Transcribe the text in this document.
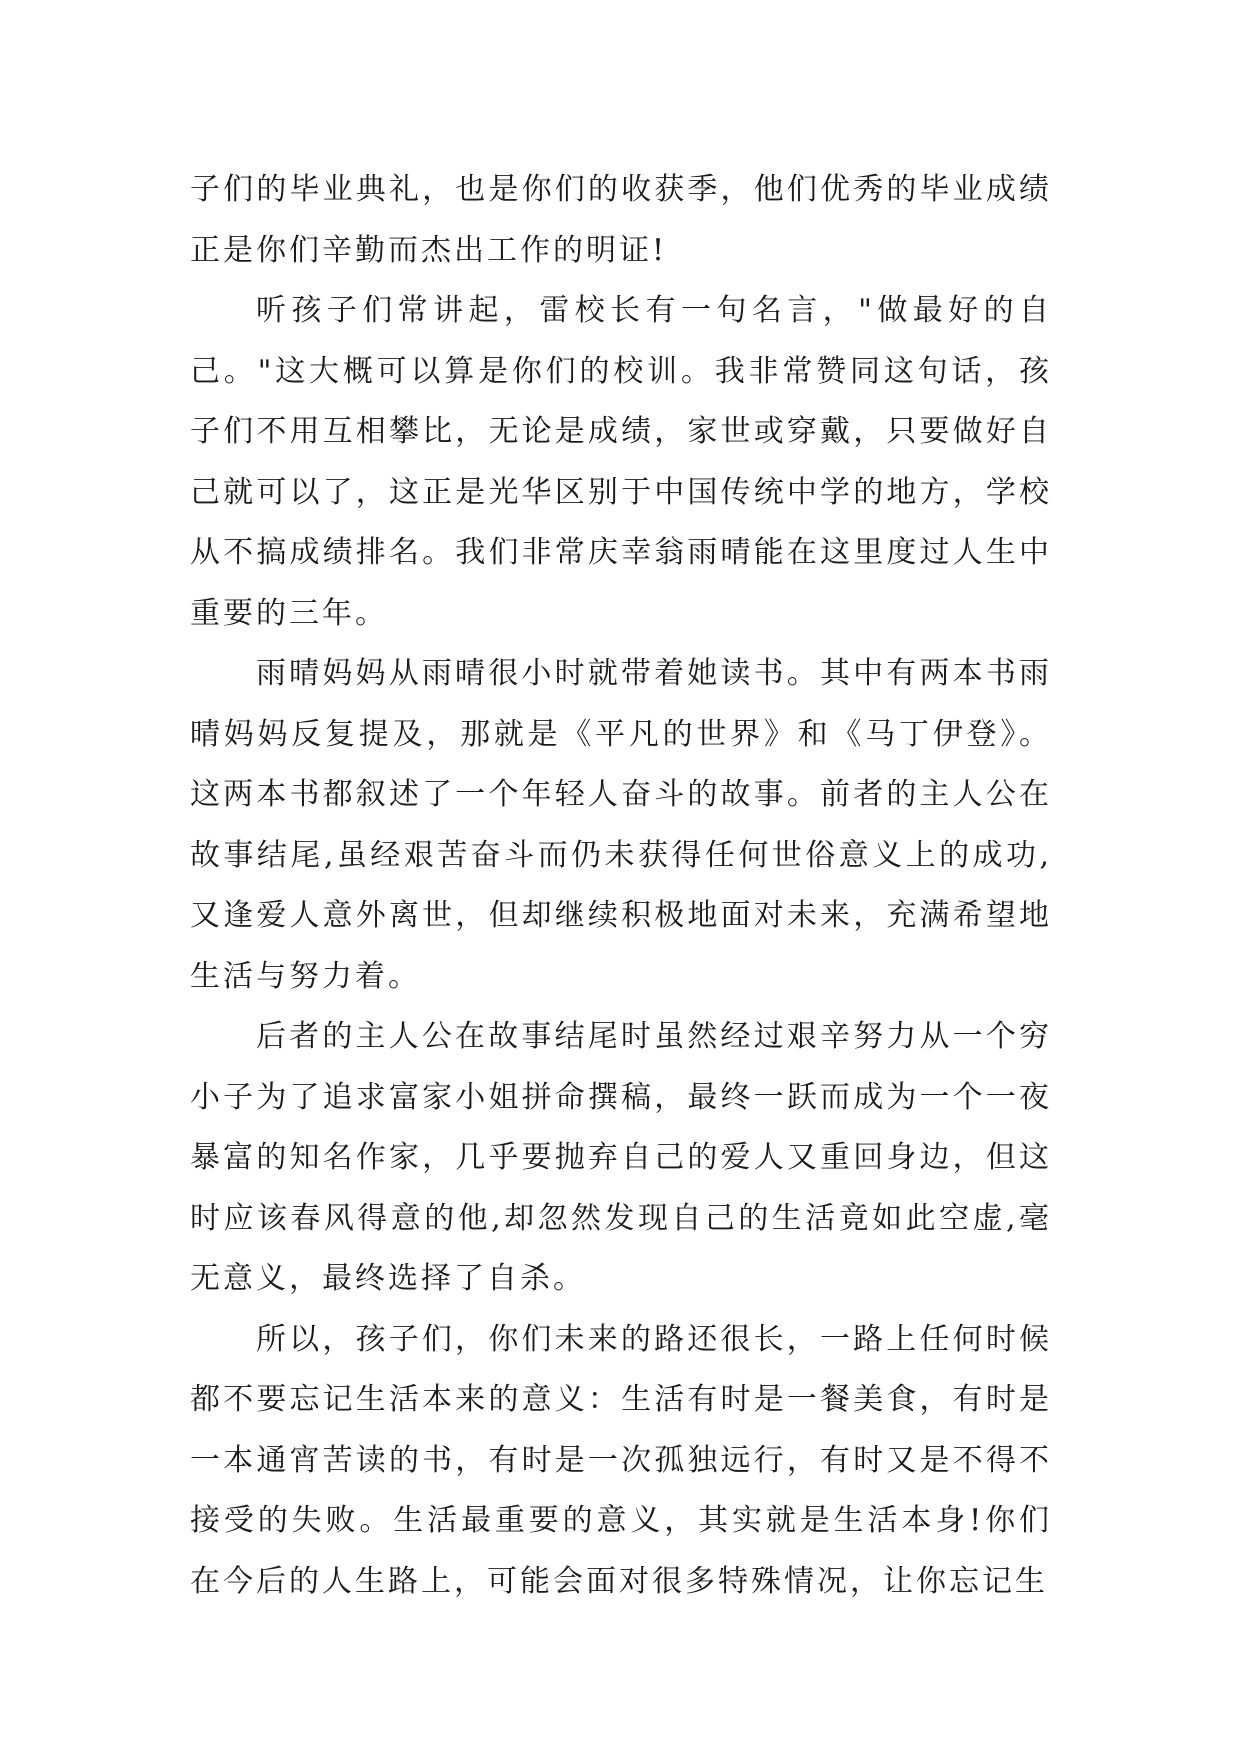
子们的毕业典礼，也是你们的收获季，他们优秀的毕业成绩正是你们辛勤而杰出工作的明证!

听孩子们常讲起，雷校长有一句名言，"做最好的自己。"这大概可以算是你们的校训。我非常赞同这句话，孩子们不用互相攀比，无论是成绩，家世或穿戴，只要做好自己就可以了，这正是光华区别于中国传统中学的地方，学校从不搞成绩排名。我们非常庆幸翁雨晴能在这里度过人生中重要的三年。

雨晴妈妈从雨晴很小时就带着她读书。其中有两本书雨晴妈妈反复提及，那就是《平凡的世界》和《马丁伊登》。这两本书都叙述了一个年轻人奋斗的故事。前者的主人公在故事结尾,虽经艰苦奋斗而仍未获得任何世俗意义上的成功,又逢爱人意外离世，但却继续积极地面对未来，充满希望地生活与努力着。

后者的主人公在故事结尾时虽然经过艰辛努力从一个穷小子为了追求富家小姐拼命撰稿，最终一跃而成为一个一夜暴富的知名作家，几乎要抛弃自己的爱人又重回身边，但这时应该春风得意的他,却忽然发现自己的生活竟如此空虚,毫无意义，最终选择了自杀。

所以，孩子们，你们未来的路还很长，一路上任何时候都不要忘记生活本来的意义：生活有时是一餐美食，有时是一本通宵苦读的书，有时是一次孤独远行，有时又是不得不接受的失败。生活最重要的意义，其实就是生活本身!你们在今后的人生路上，可能会面对很多特殊情况，让你忘记生
